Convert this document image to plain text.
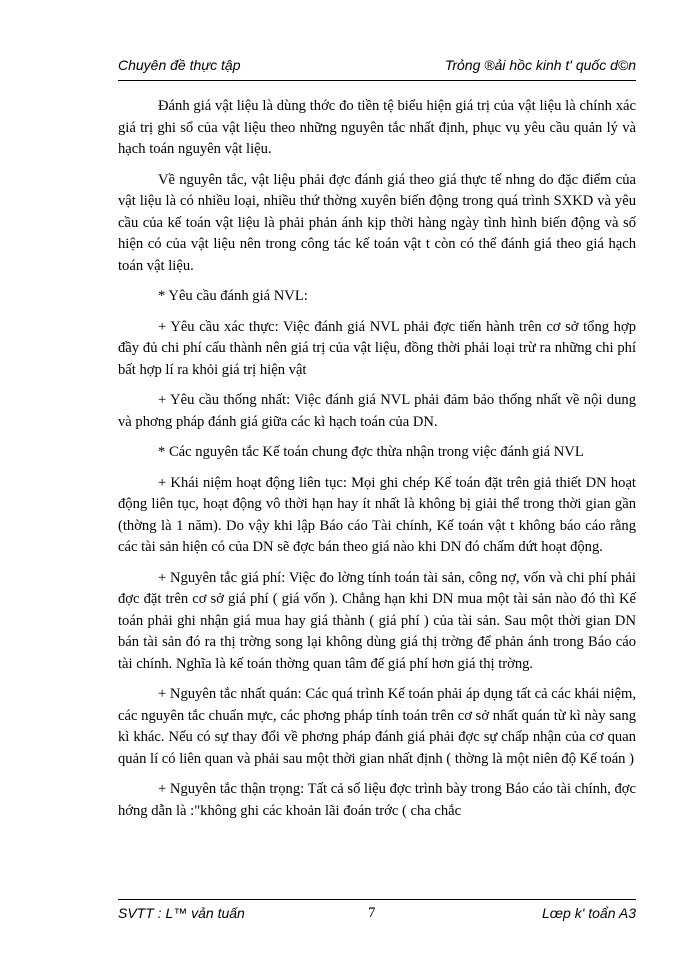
Chuyên đề thực tập	Trỏng ®ải hồc kinh t' quốc d©n

Đánh giá vật liệu là dùng thớc đo tiền tệ biểu hiện giá trị của vật liệu là chính xác giá trị ghi sổ của vật liệu theo những nguyên tắc nhất định, phục vụ yêu cầu quản lý và hạch toán nguyên vật liệu.

Về nguyên tắc, vật liệu phải đợc đánh giá theo giá thực tế nhng do đặc điểm của vật liệu là có nhiều loại, nhiều thứ thờng xuyên biến động trong quá trình SXKD và yêu cầu của kế toán vật liệu là phải phản ánh kịp thời hàng ngày tình hình biến động và số hiện có của vật liệu nên trong công tác kế toán vật t còn có thể đánh giá theo giá hạch toán vật liệu.

* Yêu cầu đánh giá NVL:

+ Yêu cầu xác thực: Việc đánh giá NVL phải đợc tiến hành trên cơ sở tổng hợp đầy đủ chi phí cấu thành nên giá trị của vật liệu, đồng thời phải loại trừ ra những chi phí bất hợp lí ra khỏi giá trị hiện vật

+ Yêu cầu thống nhất: Việc đánh giá NVL phải đảm bảo thống nhất về nội dung và phơng pháp đánh giá giữa các kì hạch toán của DN.

* Các nguyên tắc Kế toán chung đợc thừa nhận trong việc đánh giá NVL

+ Khái niệm hoạt động liên tục: Mọi ghi chép Kế toán đặt trên giả thiết DN hoạt động liên tục, hoạt động vô thời hạn hay ít nhất là không bị giải thể trong thời gian gần (thờng là 1 năm). Do vậy khi lập Báo cáo Tài chính, Kế toán vật t không báo cáo rằng các tài sản hiện có của DN sẽ đợc bán theo giá nào khi DN đó chấm dứt hoạt động.

+ Nguyên tắc giá phí: Việc đo lờng tính toán tài sản, công nợ, vốn và chi phí phải đợc đặt trên cơ sở giá phí ( giá vốn ). Chẳng hạn khi DN mua một tài sản nào đó thì Kế toán phải ghi nhận giá mua hay giá thành ( giá phí ) của tài sản. Sau một thời gian DN bán tài sản đó ra thị trờng song lại không dùng giá thị trờng để phản ánh trong Báo cáo tài chính. Nghĩa là kế toán thờng quan tâm đế giá phí hơn giá thị trờng.

+ Nguyên tắc nhất quán: Các quá trình Kế toán phải áp dụng tất cả các khái niệm, các nguyên tắc chuẩn mực, các phơng pháp tính toán trên cơ sở nhất quán từ kì này sang kì khác. Nếu có sự thay đổi về phơng pháp đánh giá phải đợc sự chấp nhận của cơ quan quản lí có liên quan và phải sau một thời gian nhất định ( thờng là một niên độ Kế toán )

+ Nguyên tắc thận trọng: Tất cả số liệu đợc trình bày trong Báo cáo tài chính, đợc hớng dẫn là :"không ghi các khoản lãi đoán trớc ( cha chắc

SVTT : L™ vản tuấn	7	Lœp k' toẩn A3
